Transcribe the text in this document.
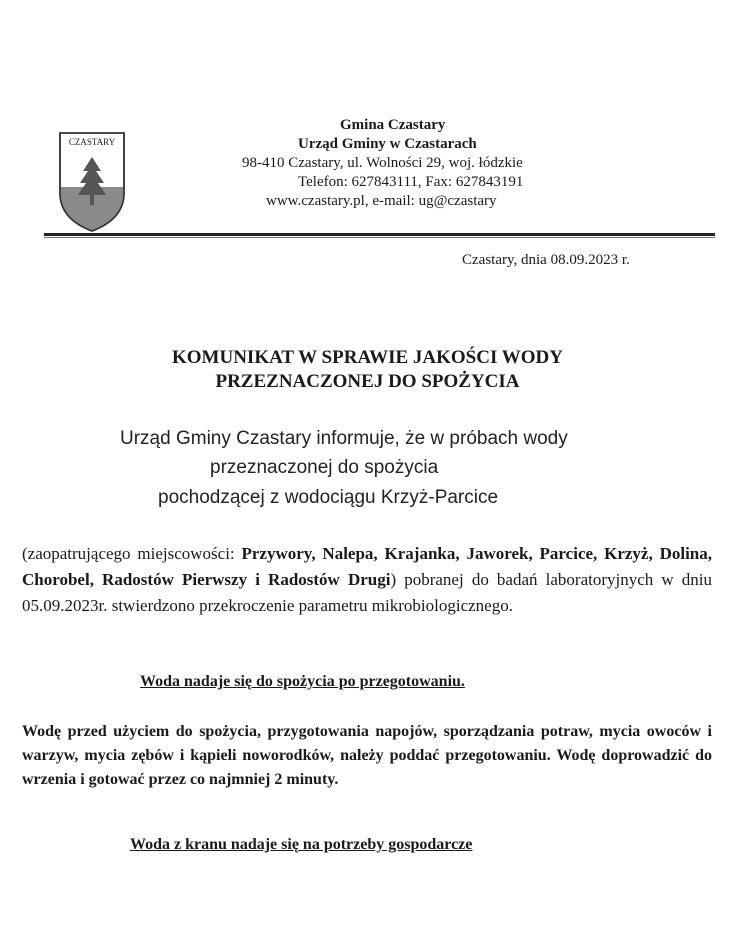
CZASTARY
Gmina Czastary
Urząd Gminy w Czastarach
98-410 Czastary, ul. Wolności 29, woj. łódzkie
Telefon: 627843111, Fax: 627843191
www.czastary.pl, e-mail: ug@czastary
Czastary, dnia 08.09.2023 r.
KOMUNIKAT W SPRAWIE JAKOŚCI WODY
PRZEZNACZONEJ DO SPOŻYCIA
Urząd Gminy Czastary informuje, że w próbach wody
przeznaczonej do spożycia
pochodzącej z wodociągu Krzyż-Parcice
(zaopatrującego miejscowości: Przywory, Nalepa, Krajanka, Jaworek, Parcice, Krzyż, Dolina, Chorobel, Radostów Pierwszy i Radostów Drugi) pobranej do badań laboratoryjnych w dniu 05.09.2023r. stwierdzono przekroczenie parametru mikrobiologicznego.
Woda nadaje się do spożycia po przegotowaniu.
Wodę przed użyciem do spożycia, przygotowania napojów, sporządzania potraw, mycia owoców i warzyw, mycia zębów i kąpieli noworodków, należy poddać przegotowaniu. Wodę doprowadzić do wrzenia i gotować przez co najmniej 2 minuty.
Woda z kranu nadaje się na potrzeby gospodarcze
